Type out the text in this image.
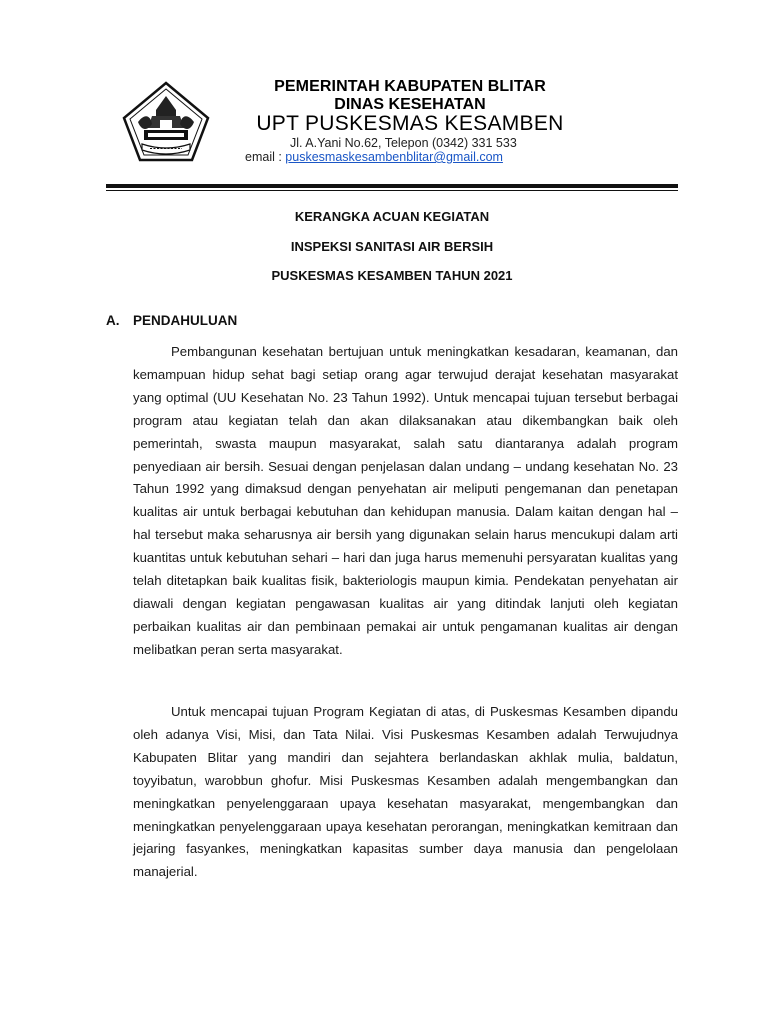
PEMERINTAH KABUPATEN BLITAR
DINAS KESEHATAN
UPT PUSKESMAS KESAMBEN
Jl. A.Yani No.62, Telepon (0342) 331 533
email : puskesmaskesambenblitar@gmail.com
KERANGKA ACUAN KEGIATAN
INSPEKSI SANITASI AIR BERSIH
PUSKESMAS KESAMBEN TAHUN 2021
A. PENDAHULUAN

Pembangunan kesehatan bertujuan untuk meningkatkan kesadaran, keamanan, dan kemampuan hidup sehat bagi setiap orang agar terwujud derajat kesehatan masyarakat yang optimal (UU Kesehatan No. 23 Tahun 1992). Untuk mencapai tujuan tersebut berbagai program atau kegiatan telah dan akan dilaksanakan atau dikembangkan baik oleh pemerintah, swasta maupun masyarakat, salah satu diantaranya adalah program penyediaan air bersih. Sesuai dengan penjelasan dalan undang – undang kesehatan No. 23 Tahun 1992 yang dimaksud dengan penyehatan air meliputi pengemanan dan penetapan kualitas air untuk berbagai kebutuhan dan kehidupan manusia. Dalam kaitan dengan hal – hal tersebut maka seharusnya air bersih yang digunakan selain harus mencukupi dalam arti kuantitas untuk kebutuhan sehari – hari dan juga harus memenuhi persyaratan kualitas yang telah ditetapkan baik kualitas fisik, bakteriologis maupun kimia. Pendekatan penyehatan air diawali dengan kegiatan pengawasan kualitas air yang ditindak lanjuti oleh kegiatan perbaikan kualitas air dan pembinaan pemakai air untuk pengamanan kualitas air dengan melibatkan peran serta masyarakat.

Untuk mencapai tujuan Program Kegiatan di atas, di Puskesmas Kesamben dipandu oleh adanya Visi, Misi, dan Tata Nilai. Visi Puskesmas Kesamben adalah Terwujudnya Kabupaten Blitar yang mandiri dan sejahtera berlandaskan akhlak mulia, baldatun, toyyibatun, warobbun ghofur. Misi Puskesmas Kesamben adalah mengembangkan dan meningkatkan penyelenggaraan upaya kesehatan masyarakat, mengembangkan dan meningkatkan penyelenggaraan upaya kesehatan perorangan, meningkatkan kemitraan dan jejaring fasyankes, meningkatkan kapasitas sumber daya manusia dan pengelolaan manajerial.
